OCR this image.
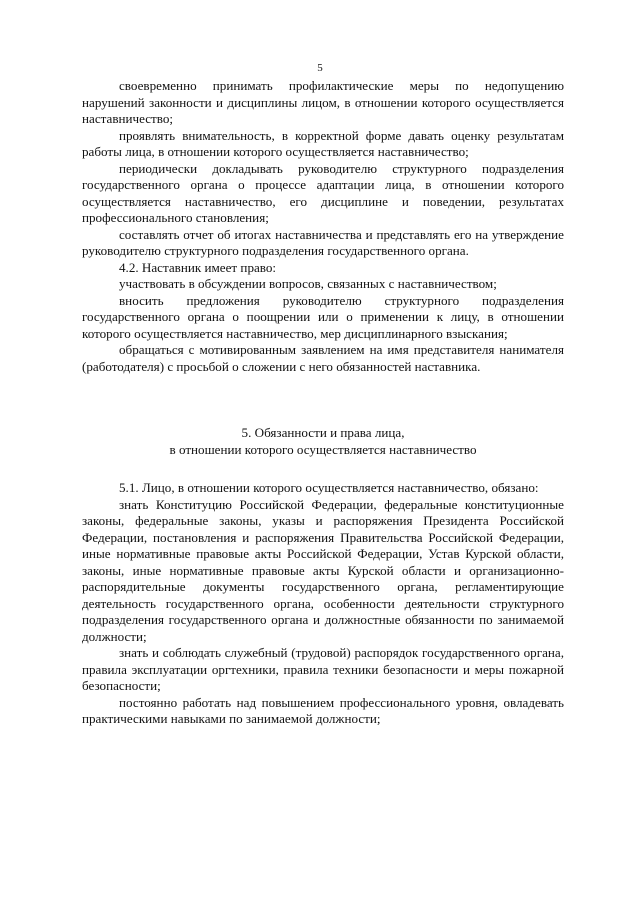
5

своевременно принимать профилактические меры по недопущению нарушений законности и дисциплины лицом, в отношении которого осуществляется наставничество;

проявлять внимательность, в корректной форме давать оценку результатам работы лица, в отношении которого осуществляется наставничество;

периодически докладывать руководителю структурного подразделения государственного органа о процессе адаптации лица, в отношении которого осуществляется наставничество, его дисциплине и поведении, результатах профессионального становления;

составлять отчет об итогах наставничества и представлять его на утверждение руководителю структурного подразделения государственного органа.

4.2. Наставник имеет право:

участвовать в обсуждении вопросов, связанных с наставничеством;

вносить предложения руководителю структурного подразделения государственного органа о поощрении или о применении к лицу, в отношении которого осуществляется наставничество, мер дисциплинарного взыскания;

обращаться с мотивированным заявлением на имя представителя нанимателя (работодателя) с просьбой о сложении с него обязанностей наставника.

5. Обязанности и права лица,

в отношении которого осуществляется наставничество

5.1. Лицо, в отношении которого осуществляется наставничество, обязано:

знать Конституцию Российской Федерации, федеральные конституционные законы, федеральные законы, указы и распоряжения Президента Российской Федерации, постановления и распоряжения Правительства Российской Федерации, иные нормативные правовые акты Российской Федерации, Устав Курской области, законы, иные нормативные правовые акты Курской области и организационно-распорядительные документы государственного органа, регламентирующие деятельность государственного органа, особенности деятельности структурного подразделения государственного органа и должностные обязанности по занимаемой должности;

знать и соблюдать служебный (трудовой) распорядок государственного органа, правила эксплуатации оргтехники, правила техники безопасности и меры пожарной безопасности;

постоянно работать над повышением профессионального уровня, овладевать практическими навыками по занимаемой должности;
